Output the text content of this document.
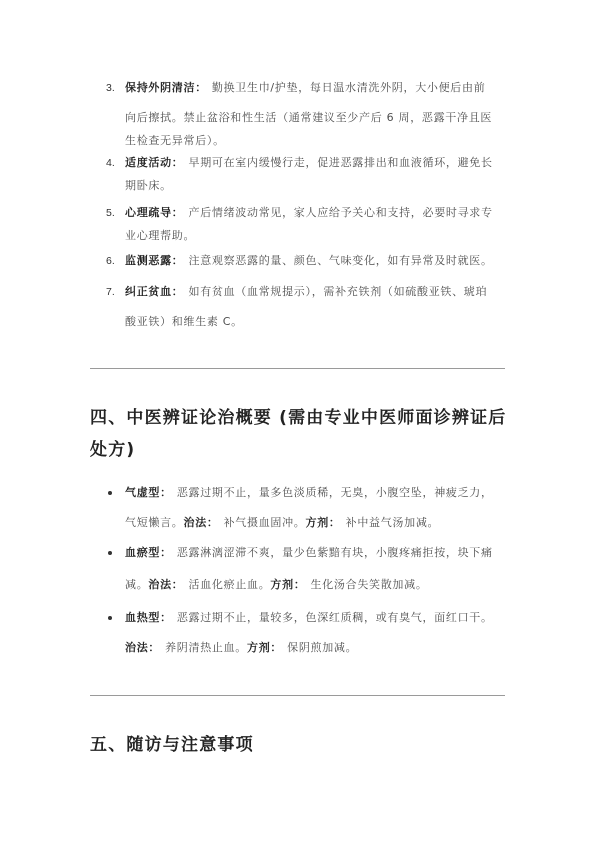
3. 保持外阴清洁： 勤换卫生巾/护垫，每日温水清洗外阴，大小便后由前
向后擦拭。禁止盆浴和性生活（通常建议至少产后 6 周，恶露干净且医
生检查无异常后）。
4. 适度活动： 早期可在室内缓慢行走，促进恶露排出和血液循环，避免长
期卧床。
5. 心理疏导： 产后情绪波动常见，家人应给予关心和支持，必要时寻求专
业心理帮助。
6. 监测恶露： 注意观察恶露的量、颜色、气味变化，如有异常及时就医。
7. 纠正贫血： 如有贫血（血常规提示），需补充铁剂（如硫酸亚铁、琥珀
酸亚铁）和维生素 C。
四、中医辨证论治概要 (需由专业中医师面诊辨证后
处方)
气虚型： 恶露过期不止，量多色淡质稀，无臭，小腹空坠，神疲乏力，
气短懒言。治法： 补气摄血固冲。方剂： 补中益气汤加减。
血瘀型： 恶露淋漓涩滞不爽，量少色紫黯有块，小腹疼痛拒按，块下痛
减。治法： 活血化瘀止血。方剂： 生化汤合失笑散加减。
血热型： 恶露过期不止，量较多，色深红质稠，或有臭气，面红口干。
治法： 养阴清热止血。方剂： 保阴煎加减。
五、随访与注意事项
